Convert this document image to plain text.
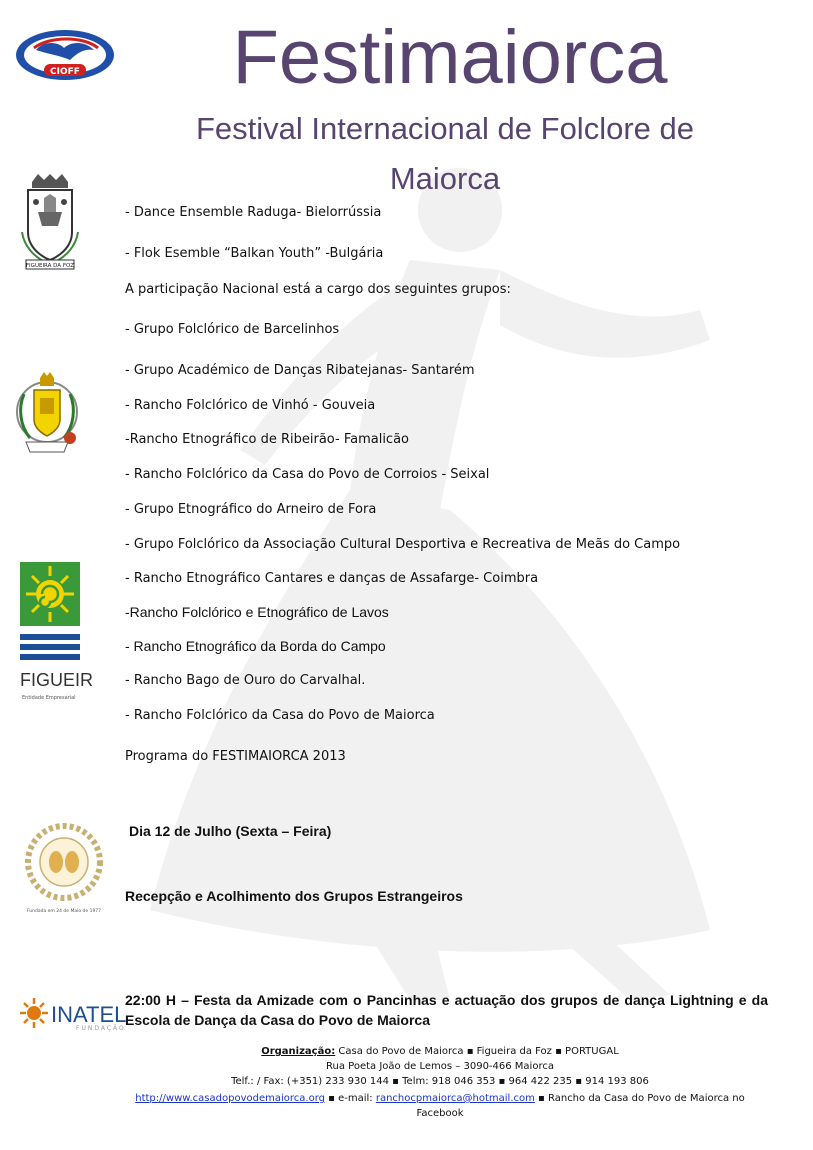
Festimaiorca
Festival Internacional de Folclore de
Maiorca
CIOFF
FIGUEIRA DA FOZ
FIGUEIR
Entidade Empresarial
Fundada em 24 de Maio de 1977
INATEL
FUNDAÇÃO
- Dance Ensemble Raduga- Bielorrússia
- Flok Esemble “Balkan Youth” -Bulgária
A participação Nacional está a cargo dos seguintes grupos:
- Grupo Folclórico de Barcelinhos
- Grupo Académico de Danças Ribatejanas- Santarém
- Rancho Folclórico de Vinhó - Gouveia
-Rancho Etnográfico de Ribeirão- Famalicão
- Rancho Folclórico da Casa do Povo de Corroios - Seixal
- Grupo Etnográfico do Arneiro de Fora
- Grupo Folclórico da Associação Cultural Desportiva e Recreativa de Meãs do Campo
- Rancho Etnográfico Cantares e danças de Assafarge- Coimbra
-Rancho Folclórico e Etnográfico de Lavos
- Rancho Etnográfico da Borda do Campo
- Rancho Bago de Ouro do Carvalhal.
- Rancho Folclórico da Casa do Povo de Maiorca
Programa do FESTIMAIORCA 2013
Dia 12 de Julho (Sexta – Feira)
Recepção e Acolhimento dos Grupos Estrangeiros
22:00 H – Festa da Amizade com o Pancinhas e actuação dos grupos de dança Lightning e da Escola de Dança da Casa do Povo de Maiorca
Organização: Casa do Povo de Maiorca ▪ Figueira da Foz ▪ PORTUGAL
Rua Poeta João de Lemos – 3090-466 Maiorca
Telf.: / Fax: (+351) 233 930 144 ▪ Telm: 918 046 353 ▪ 964 422 235 ▪ 914 193 806
http://www.casadopovodemaiorca.org ▪ e-mail: ranchocpmaiorca@hotmail.com ▪ Rancho da Casa do Povo de Maiorca no Facebook
